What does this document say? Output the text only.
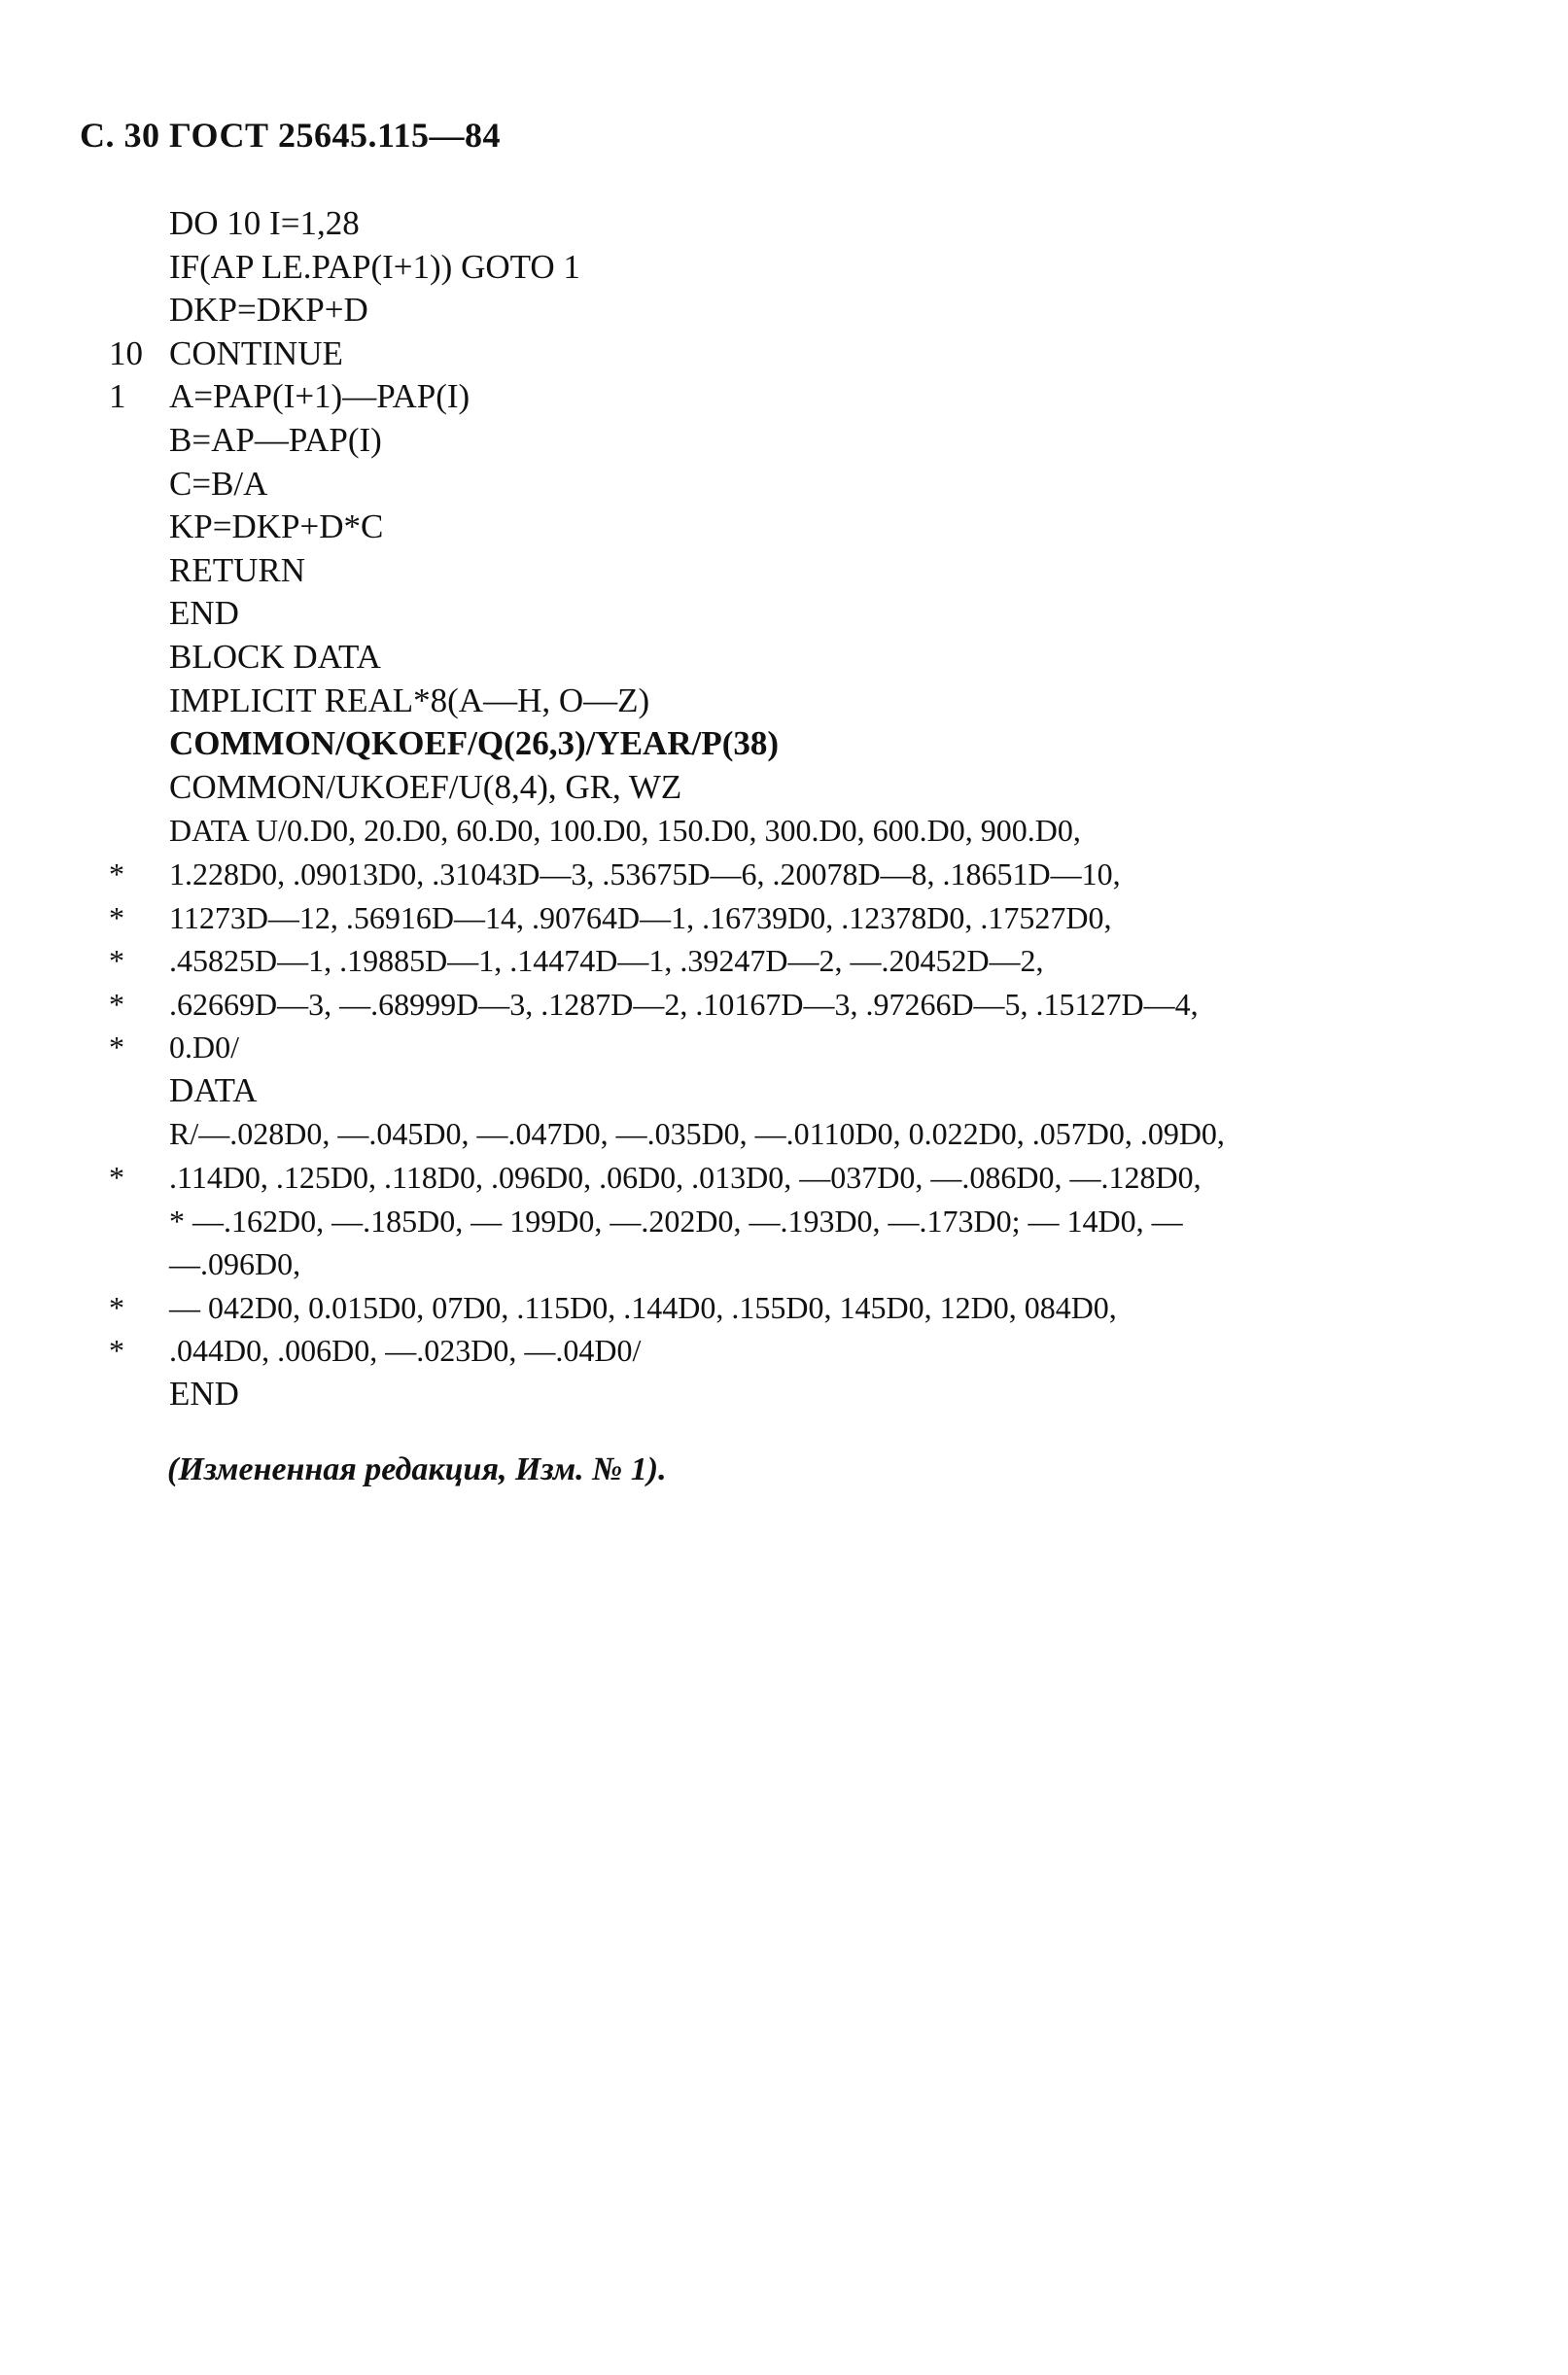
С. 30 ГОСТ 25645.115—84
DO 10 I=1,28
IF(AP LE.PAP(I+1)) GOTO 1
DKP=DKP+D
10 CONTINUE
1	A=PAP(I+1)—PAP(I)
B=AP—PAP(I)
C=B/A
KP=DKP+D*C
RETURN
END
BLOCK DATA
IMPLICIT REAL*8(A—H, O—Z)
COMMON/QKOEF/Q(26,3)/YEAR/P(38)
COMMON/UKOEF/U(8,4), GR, WZ
DATA U/0.D0, 20.D0, 60.D0, 100.D0, 150.D0, 300.D0, 600.D0, 900.D0,
*	1.228D0, .09013D0, .31043D—3, .53675D—6, .20078D—8, .18651D—10,
*	11273D—12, .56916D—14, .90764D—1, .16739D0, .12378D0, .17527D0,
*	.45825D—1, .19885D—1, .14474D—1, .39247D—2, —.20452D—2,
*	.62669D—3, —.68999D—3, .1287D—2, .10167D—3, .97266D—5, .15127D—4,
*	0.D0/
DATA
R/—.028D0, —.045D0, —.047D0, —.035D0, —.0110D0, 0.022D0, .057D0, .09D0,
*	.114D0, .125D0, .118D0, .096D0, .06D0, .013D0, —037D0, —.086D0, —.128D0,
* —.162D0, —.185D0, — 199D0, —.202D0, —.193D0, —.173D0; — 14D0, —
—.096D0,
*	— 042D0, 0.015D0, 07D0, .115D0, .144D0, .155D0, 145D0, 12D0, 084D0,
*	.044D0, .006D0, —.023D0, —.04D0/
END
(Измененная редакция, Изм. № 1).
